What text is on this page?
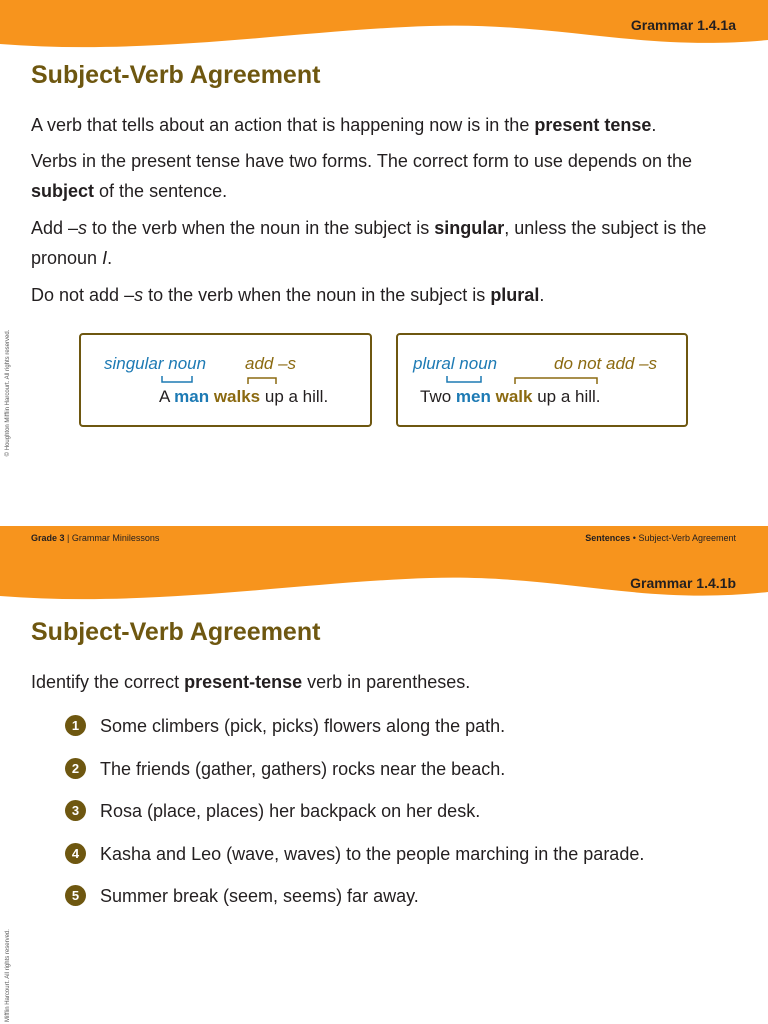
Grammar 1.4.1a
Subject-Verb Agreement

A verb that tells about an action that is happening now is in the present tense.

Verbs in the present tense have two forms. The correct form to use depends on the subject of the sentence.

Add –s to the verb when the noun in the subject is singular, unless the subject is the pronoun I.

Do not add –s to the verb when the noun in the subject is plural.

singular noun add –s
A man walks up a hill.
plural noun	do not add –s
Two men walk up a hill.
© Houghton Mifflin Harcourt. All rights reserved.
Grammar 1.4.1b
Subject-Verb Agreement

Identify the correct present-tense verb in parentheses.

1	Some climbers (pick, picks) flowers along the path.
2	The friends (gather, gathers) rocks near the beach.
3	Rosa (place, places) her backpack on her desk.
4	Kasha and Leo (wave, waves) to the people marching in the parade.
5	Summer break (seem, seems) far away.
Grade 3 | Grammar Minilessons	Sentences • Subject-Verb Agreement
Mifflin Harcourt. All rights reserved.
